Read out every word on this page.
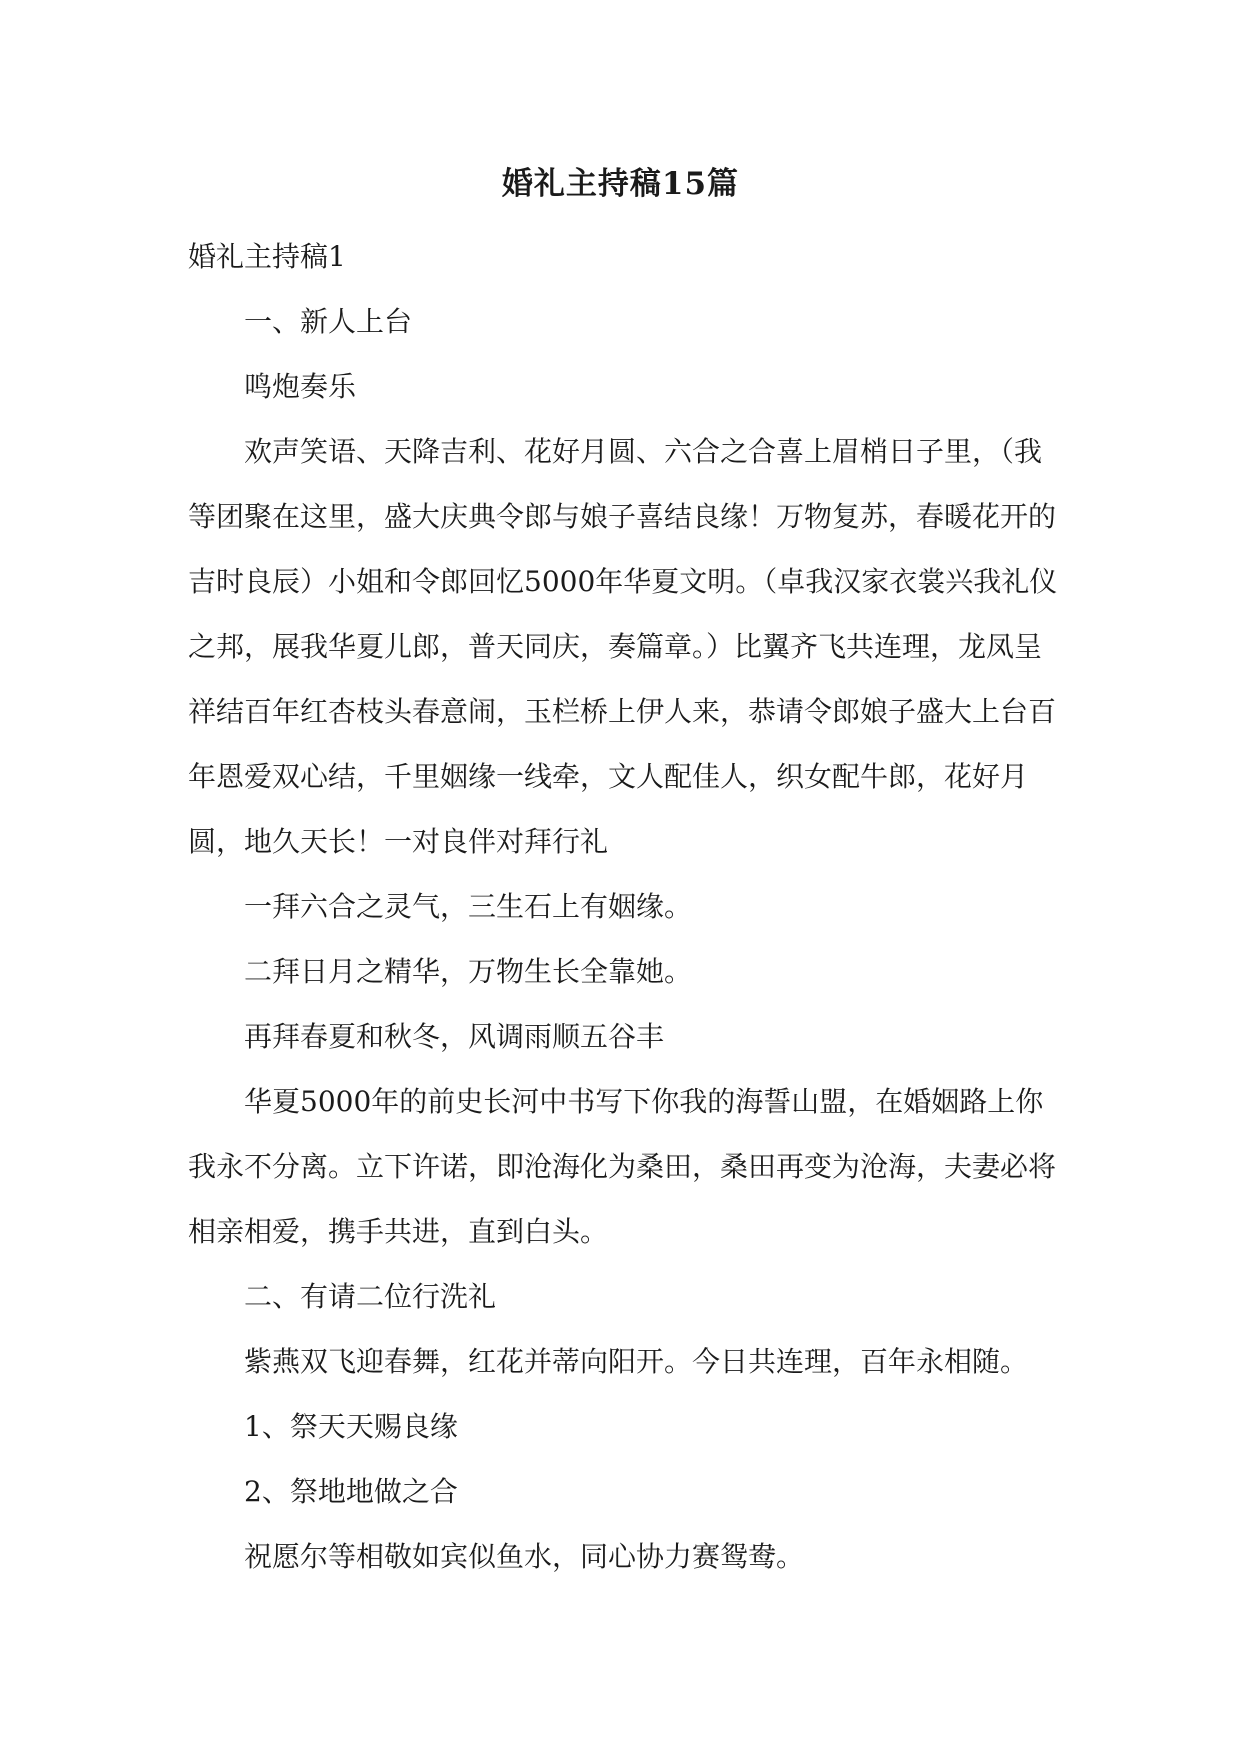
婚礼主持稿15篇

婚礼主持稿1

一、新人上台

鸣炮奏乐

欢声笑语、天降吉利、花好月圆、六合之合喜上眉梢日子里，（我等团聚在这里，盛大庆典令郎与娘子喜结良缘！万物复苏，春暖花开的吉时良辰）小姐和令郎回忆5000年华夏文明。（卓我汉家衣裳兴我礼仪之邦，展我华夏儿郎，普天同庆，奏篇章。）比翼齐飞共连理，龙凤呈祥结百年红杏枝头春意闹，玉栏桥上伊人来，恭请令郎娘子盛大上台百年恩爱双心结，千里姻缘一线牵，文人配佳人，织女配牛郎，花好月圆，地久天长！一对良伴对拜行礼

一拜六合之灵气，三生石上有姻缘。

二拜日月之精华，万物生长全靠她。

再拜春夏和秋冬，风调雨顺五谷丰

华夏5000年的前史长河中书写下你我的海誓山盟，在婚姻路上你我永不分离。立下许诺，即沧海化为桑田，桑田再变为沧海，夫妻必将相亲相爱，携手共进，直到白头。

二、有请二位行洗礼

紫燕双飞迎春舞，红花并蒂向阳开。今日共连理，百年永相随。

1、祭天天赐良缘

2、祭地地做之合

祝愿尔等相敬如宾似鱼水，同心协力赛鸳鸯。
